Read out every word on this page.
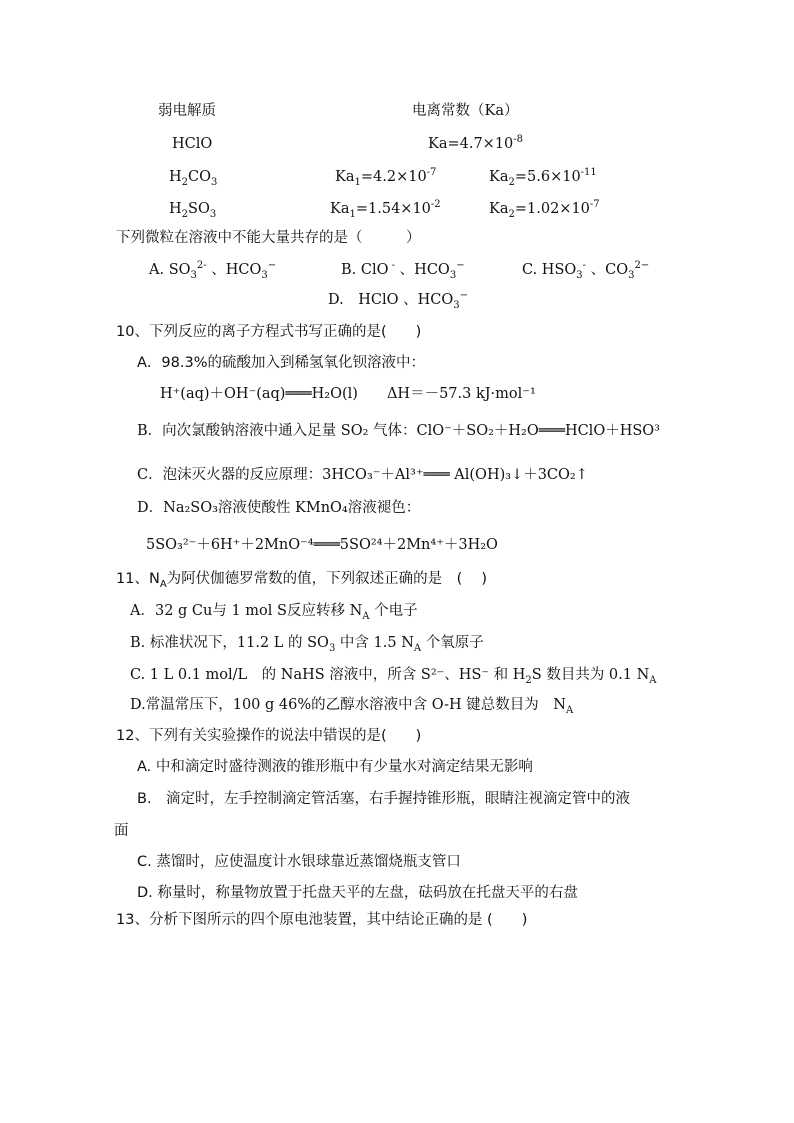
弱电解质	电离常数（Ka）
HClO	$Ka=4.7\times 10^{-8}$
$H_2CO_3$	$Ka_1=4.2\times 10^{-7}$	$Ka_2=5.6\times 10^{-11}$
$H_2SO_3$	$Ka_1=1.54\times 10^{-2}$	$Ka_2=1.02\times 10^{-7}$
下列微粒在溶液中不能大量共存的是（　　　）
A. $SO_3^{2-}$ 、$HCO_3^-$	B. ClO - 、$HCO_3^-$	C. $HSO_3^-$ 、$CO_3^{2-}$
D.　HClO 、$HCO_3^-$
10、下列反应的离子方程式书写正确的是(　　)
A．98.3%的硫酸加入到稀氢氧化钡溶液中：
H⁺(aq)＋OH⁻(aq)═══H₂O(l)　　ΔH＝－57.3 kJ·mol⁻¹
B．向次氯酸钠溶液中通入足量 SO₂ 气体：ClO⁻＋SO₂＋H₂O═══HClO＋HSO³
C．泡沫灭火器的反应原理：3HCO₃⁻＋Al³⁺═══ Al(OH)₃↓＋3CO₂↑
D．Na₂SO₃溶液使酸性 KMnO₄溶液褪色：
5SO₃²⁻＋6H⁺＋2MnO⁻⁴═══5SO²⁴＋2Mn⁴⁺＋3H₂O
11、$N_A$为阿伏伽德罗常数的值，下列叙述正确的是　(　 )
A．32 g Cu与 1 mol S反应转移 $N_A$ 个电子
B. 标准状况下，11.2 L 的 $SO_3$ 中含 1.5 $N_A$ 个氧原子
C. 1 L 0.1 mol/L　的 NaHS 溶液中，所含 S²⁻、HS⁻ 和 $H_2S$ 数目共为 0.1 $N_A$
D.常温常压下，100 g 46%的乙醇水溶液中含 O-H 键总数目为　$N_A$
12、下列有关实验操作的说法中错误的是(　　)
A. 中和滴定时盛待测液的锥形瓶中有少量水对滴定结果无影响
B.　滴定时，左手控制滴定管活塞，右手握持锥形瓶，眼睛注视滴定管中的液
面
C. 蒸馏时，应使温度计水银球靠近蒸馏烧瓶支管口
D. 称量时，称量物放置于托盘天平的左盘，砝码放在托盘天平的右盘
13、分析下图所示的四个原电池装置，其中结论正确的是 (　　)
